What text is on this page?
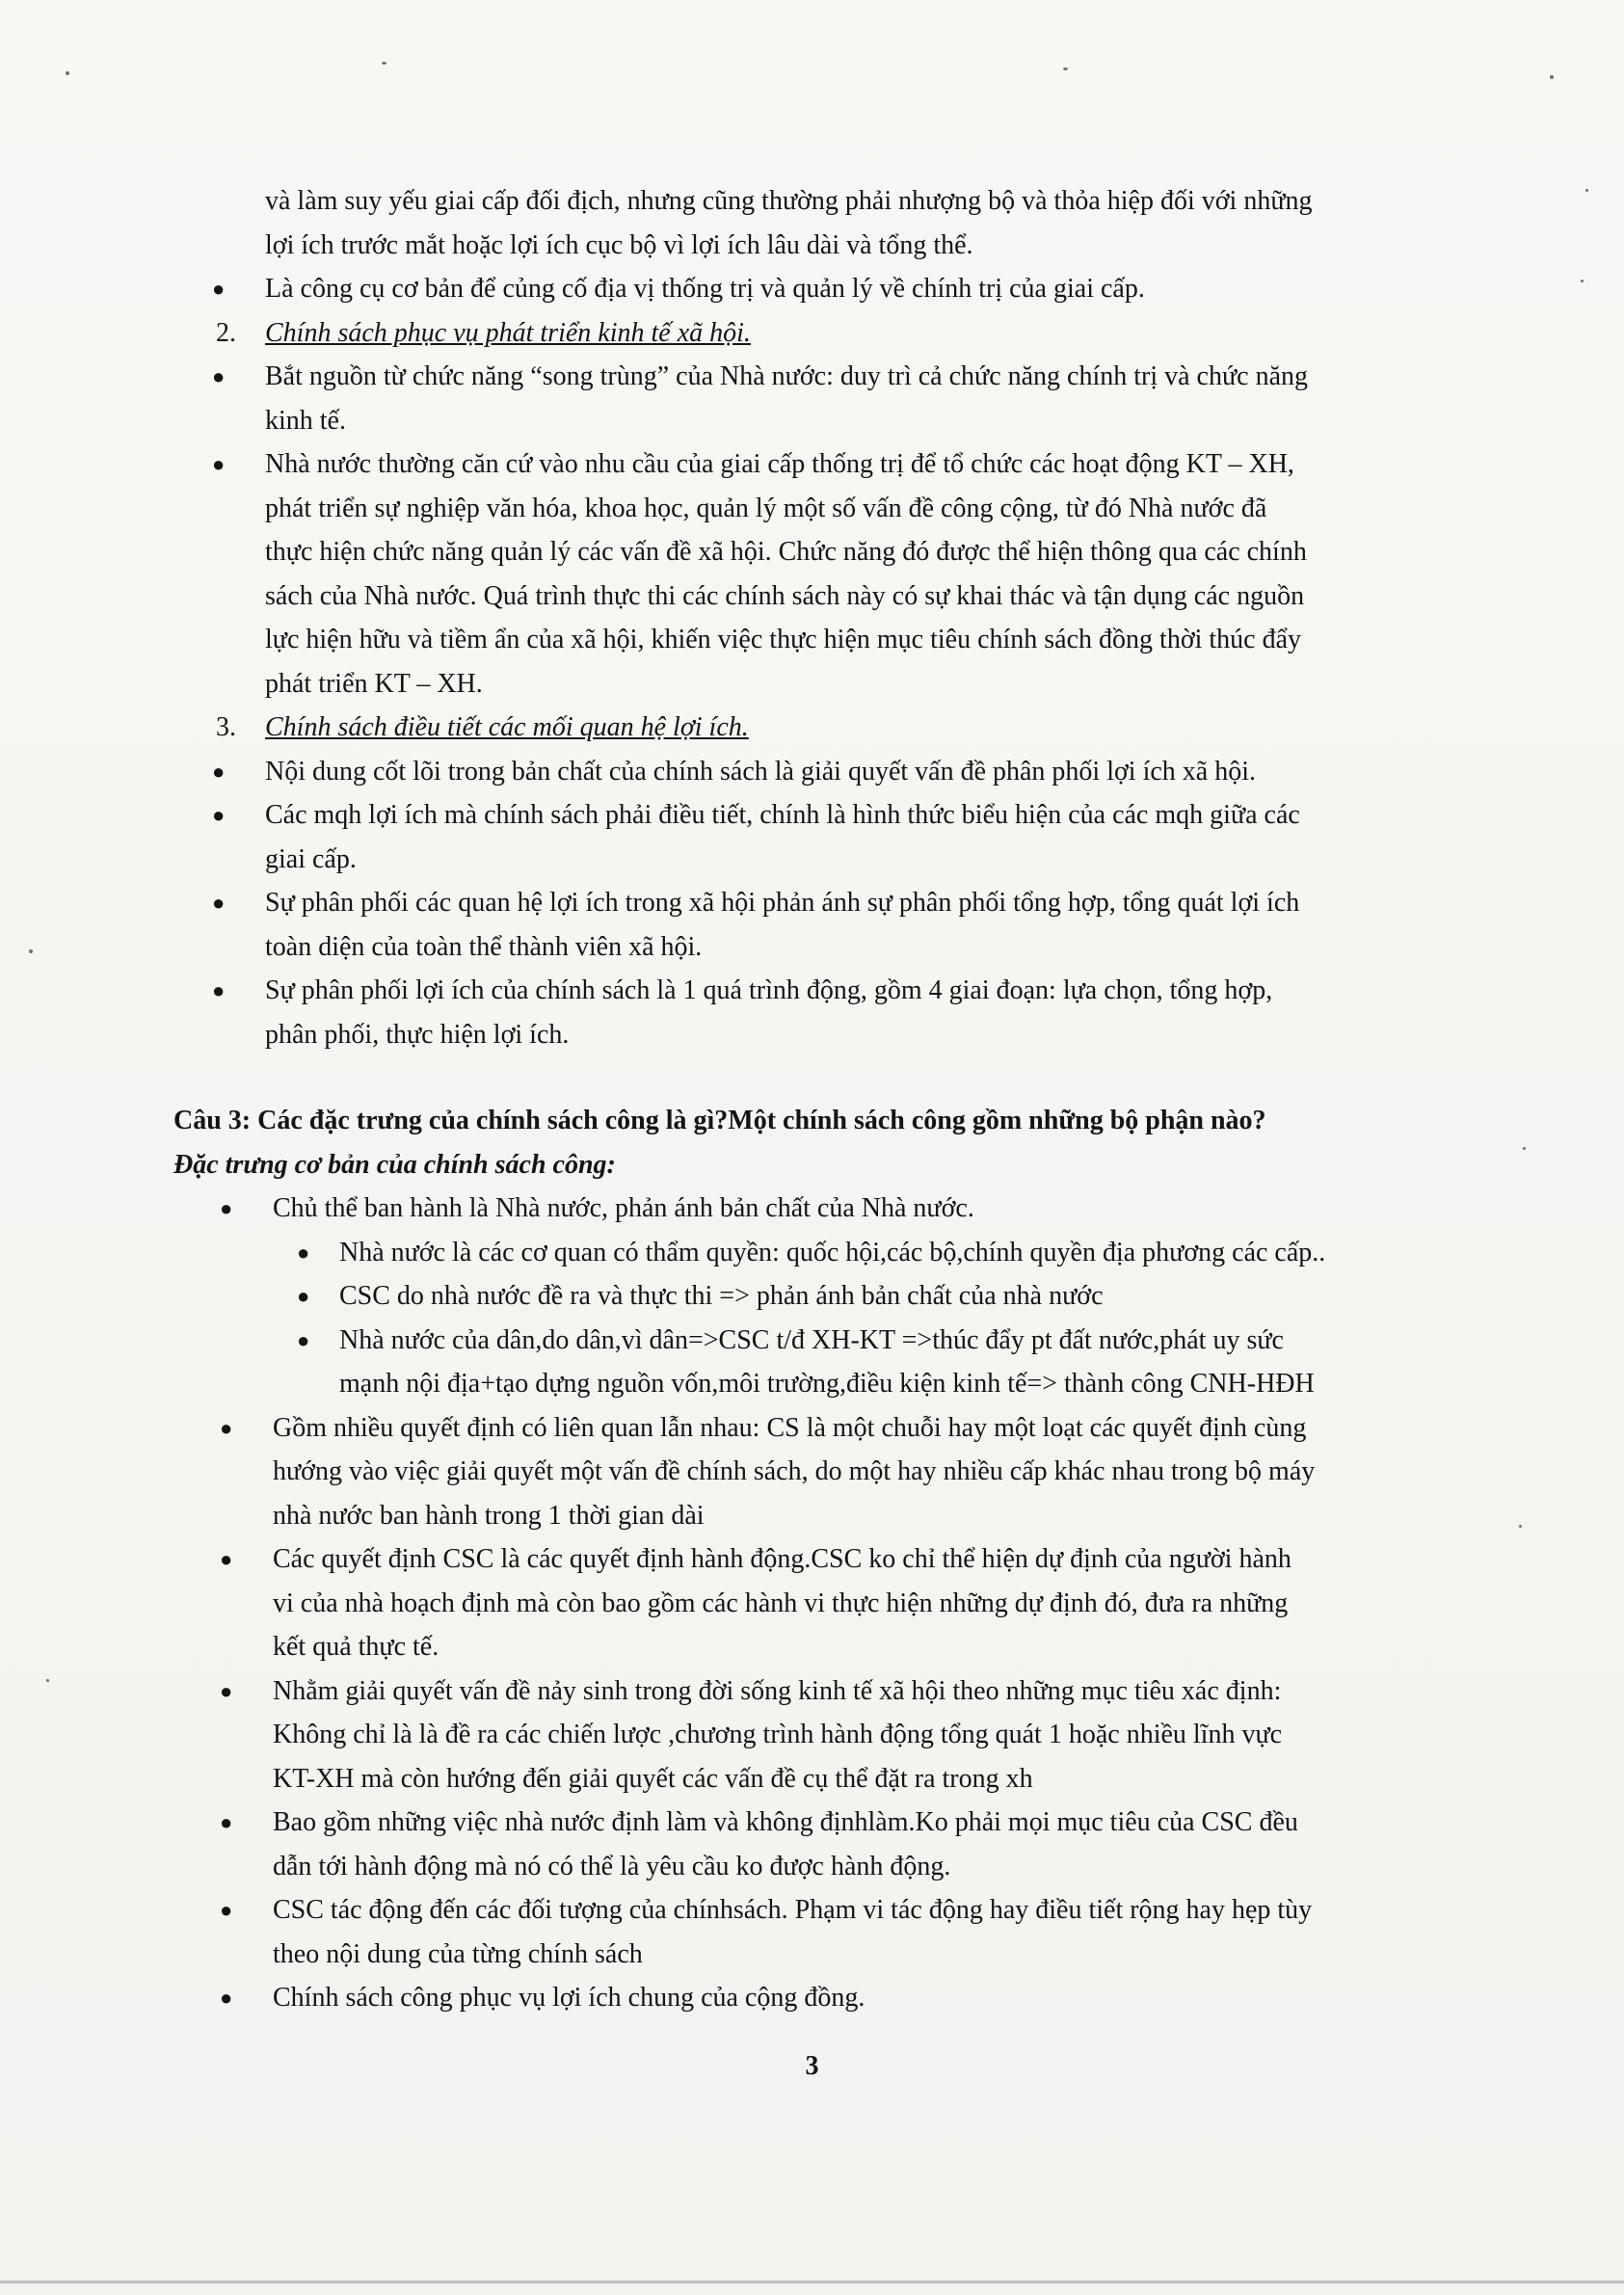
và làm suy yếu giai cấp đối địch, nhưng cũng thường phải nhượng bộ và thỏa hiệp đối với những
lợi ích trước mắt hoặc lợi ích cục bộ vì lợi ích lâu dài và tổng thể.
● Là công cụ cơ bản để củng cố địa vị thống trị và quản lý về chính trị của giai cấp.
2.	Chính sách phục vụ phát triển kinh tế xã hội.
● Bắt nguồn từ chức năng “song trùng” của Nhà nước: duy trì cả chức năng chính trị và chức năng
kinh tế.
● Nhà nước thường căn cứ vào nhu cầu của giai cấp thống trị để tổ chức các hoạt động KT – XH,
phát triển sự nghiệp văn hóa, khoa học, quản lý một số vấn đề công cộng, từ đó Nhà nước đã
thực hiện chức năng quản lý các vấn đề xã hội. Chức năng đó được thể hiện thông qua các chính
sách của Nhà nước. Quá trình thực thi các chính sách này có sự khai thác và tận dụng các nguồn
lực hiện hữu và tiềm ẩn của xã hội, khiến việc thực hiện mục tiêu chính sách đồng thời thúc đẩy
phát triển KT – XH.
3.	Chính sách điều tiết các mối quan hệ lợi ích.
● Nội dung cốt lõi trong bản chất của chính sách là giải quyết vấn đề phân phối lợi ích xã hội.
● Các mqh lợi ích mà chính sách phải điều tiết, chính là hình thức biểu hiện của các mqh giữa các
giai cấp.
● Sự phân phối các quan hệ lợi ích trong xã hội phản ánh sự phân phối tổng hợp, tổng quát lợi ích
toàn diện của toàn thể thành viên xã hội.
● Sự phân phối lợi ích của chính sách là 1 quá trình động, gồm 4 giai đoạn: lựa chọn, tổng hợp,
phân phối, thực hiện lợi ích.
Câu 3: Các đặc trưng của chính sách công là gì?Một chính sách công gồm những bộ phận nào?
Đặc trưng cơ bản của chính sách công:
● Chủ thể ban hành là Nhà nước, phản ánh bản chất của Nhà nước.
● Nhà nước là các cơ quan có thẩm quyền: quốc hội,các bộ,chính quyền địa phương các cấp..
● CSC do nhà nước đề ra và thực thi => phản ánh bản chất của nhà nước
● Nhà nước của dân,do dân,vì dân=>CSC t/đ XH-KT =>thúc đẩy pt đất nước,phát uy sức
mạnh nội địa+tạo dựng nguồn vốn,môi trường,điều kiện kinh tế=> thành công CNH-HĐH
● Gồm nhiều quyết định có liên quan lẫn nhau: CS là một chuỗi hay một loạt các quyết định cùng
hướng vào việc giải quyết một vấn đề chính sách, do một hay nhiều cấp khác nhau trong bộ máy
nhà nước ban hành trong 1 thời gian dài
● Các quyết định CSC là các quyết định hành động.CSC ko chỉ thể hiện dự định của người hành
vi của nhà hoạch định mà còn bao gồm các hành vi thực hiện những dự định đó, đưa ra những
kết quả thực tế.
● Nhằm giải quyết vấn đề nảy sinh trong đời sống kinh tế xã hội theo những mục tiêu xác định:
Không chỉ là là đề ra các chiến lược ,chương trình hành động tổng quát 1 hoặc nhiều lĩnh vực
KT-XH mà còn hướng đến giải quyết các vấn đề cụ thể đặt ra trong xh
● Bao gồm những việc nhà nước định làm và không địnhlàm.Ko phải mọi mục tiêu của CSC đều
dẫn tới hành động mà nó có thể là yêu cầu ko được hành động.
● CSC tác động đến các đối tượng của chínhsách. Phạm vi tác động hay điều tiết rộng hay hẹp tùy
theo nội dung của từng chính sách
● Chính sách công phục vụ lợi ích chung của cộng đồng.
3
